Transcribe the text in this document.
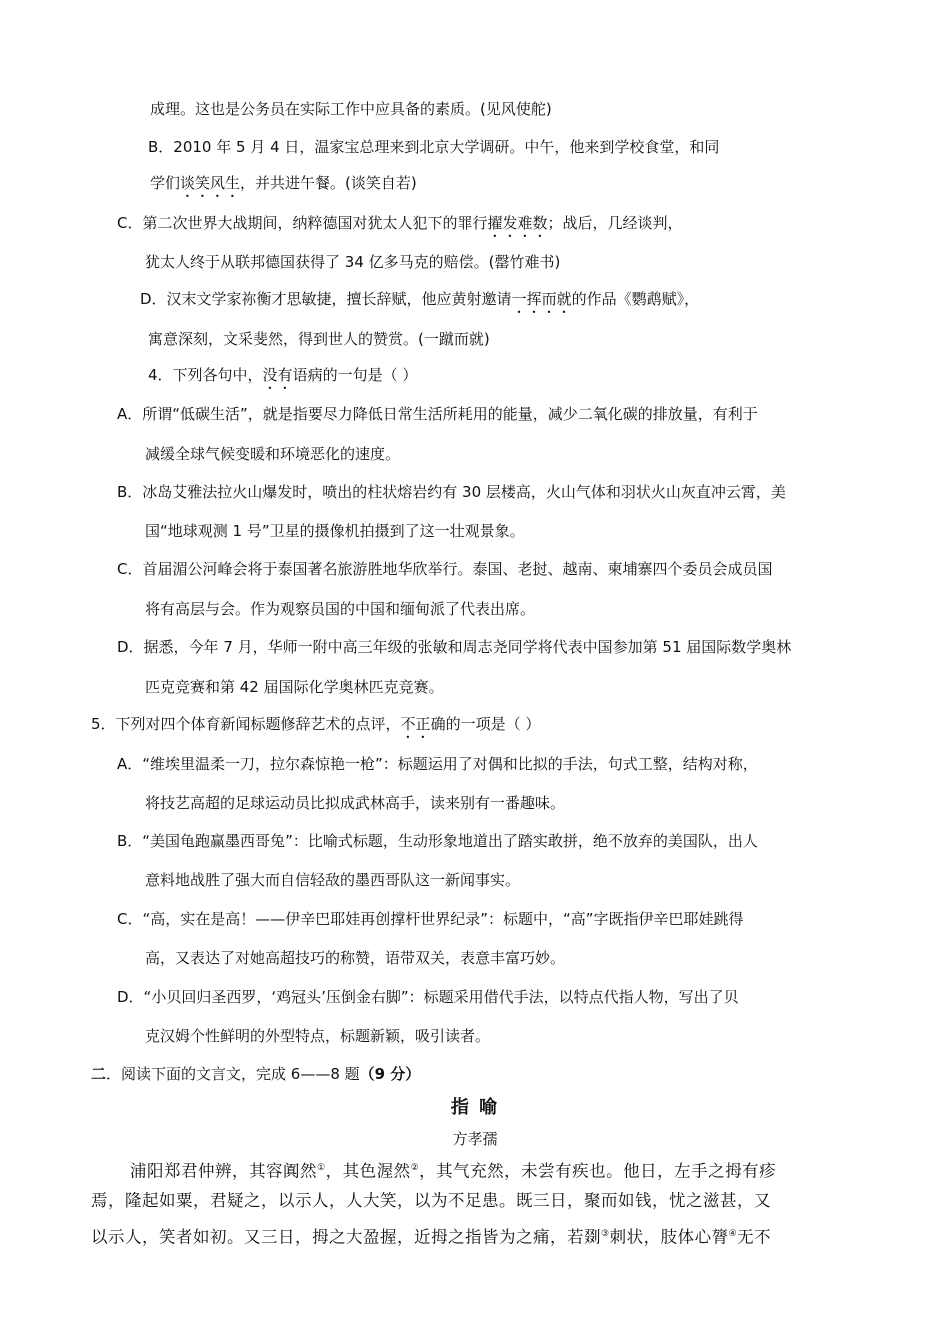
成理。这也是公务员在实际工作中应具备的素质。(见风使舵)
B．2010 年 5 月 4 日，温家宝总理来到北京大学调研。中午，他来到学校食堂，和同
学们谈笑风生，并共进午餐。(谈笑自若)
C．第二次世界大战期间，纳粹德国对犹太人犯下的罪行擢发难数；战后，几经谈判，
犹太人终于从联邦德国获得了 34 亿多马克的赔偿。(罄竹难书)
D．汉末文学家祢衡才思敏捷，擅长辞赋，他应黄射邀请一挥而就的作品《鹦鹉赋》，
寓意深刻，文采斐然，得到世人的赞赏。(一蹴而就)
4．下列各句中，没有语病的一句是（ ）
A．所谓“低碳生活”，就是指要尽力降低日常生活所耗用的能量，减少二氧化碳的排放量，有利于
减缓全球气候变暖和环境恶化的速度。
B．冰岛艾雅法拉火山爆发时，喷出的柱状熔岩约有 30 层楼高，火山气体和羽状火山灰直冲云霄，美
国“地球观测 1 号”卫星的摄像机拍摄到了这一壮观景象。
C．首届湄公河峰会将于泰国著名旅游胜地华欣举行。泰国、老挝、越南、柬埔寨四个委员会成员国
将有高层与会。作为观察员国的中国和缅甸派了代表出席。
D．据悉，今年 7 月，华师一附中高三年级的张敏和周志尧同学将代表中国参加第 51 届国际数学奥林
匹克竞赛和第 42 届国际化学奥林匹克竞赛。
5．下列对四个体育新闻标题修辞艺术的点评，不正确的一项是（ ）
A．“维埃里温柔一刀，拉尔森惊艳一枪”：标题运用了对偶和比拟的手法，句式工整，结构对称，
将技艺高超的足球运动员比拟成武林高手，读来别有一番趣味。
B．“美国龟跑赢墨西哥兔”：比喻式标题，生动形象地道出了踏实敢拼，绝不放弃的美国队，出人
意料地战胜了强大而自信轻敌的墨西哥队这一新闻事实。
C．“高，实在是高！——伊辛巴耶娃再创撑杆世界纪录”：标题中，“高”字既指伊辛巴耶娃跳得
高，又表达了对她高超技巧的称赞，语带双关，表意丰富巧妙。
D．“小贝回归圣西罗，‘鸡冠头’压倒金右脚”：标题采用借代手法，以特点代指人物，写出了贝
克汉姆个性鲜明的外型特点，标题新颖，吸引读者。
二．阅读下面的文言文，完成 6——8 题（9 分）
指 喻
方孝孺
浦阳郑君仲辨，其容阗然①，其色渥然②，其气充然，未尝有疾也。他日，左手之拇有疹
焉，隆起如粟，君疑之，以示人，人大笑，以为不足患。既三日，聚而如钱，忧之滋甚，又
以示人，笑者如初。又三日，拇之大盈握，近拇之指皆为之痛，若剟③刺状，肢体心膂④无不
